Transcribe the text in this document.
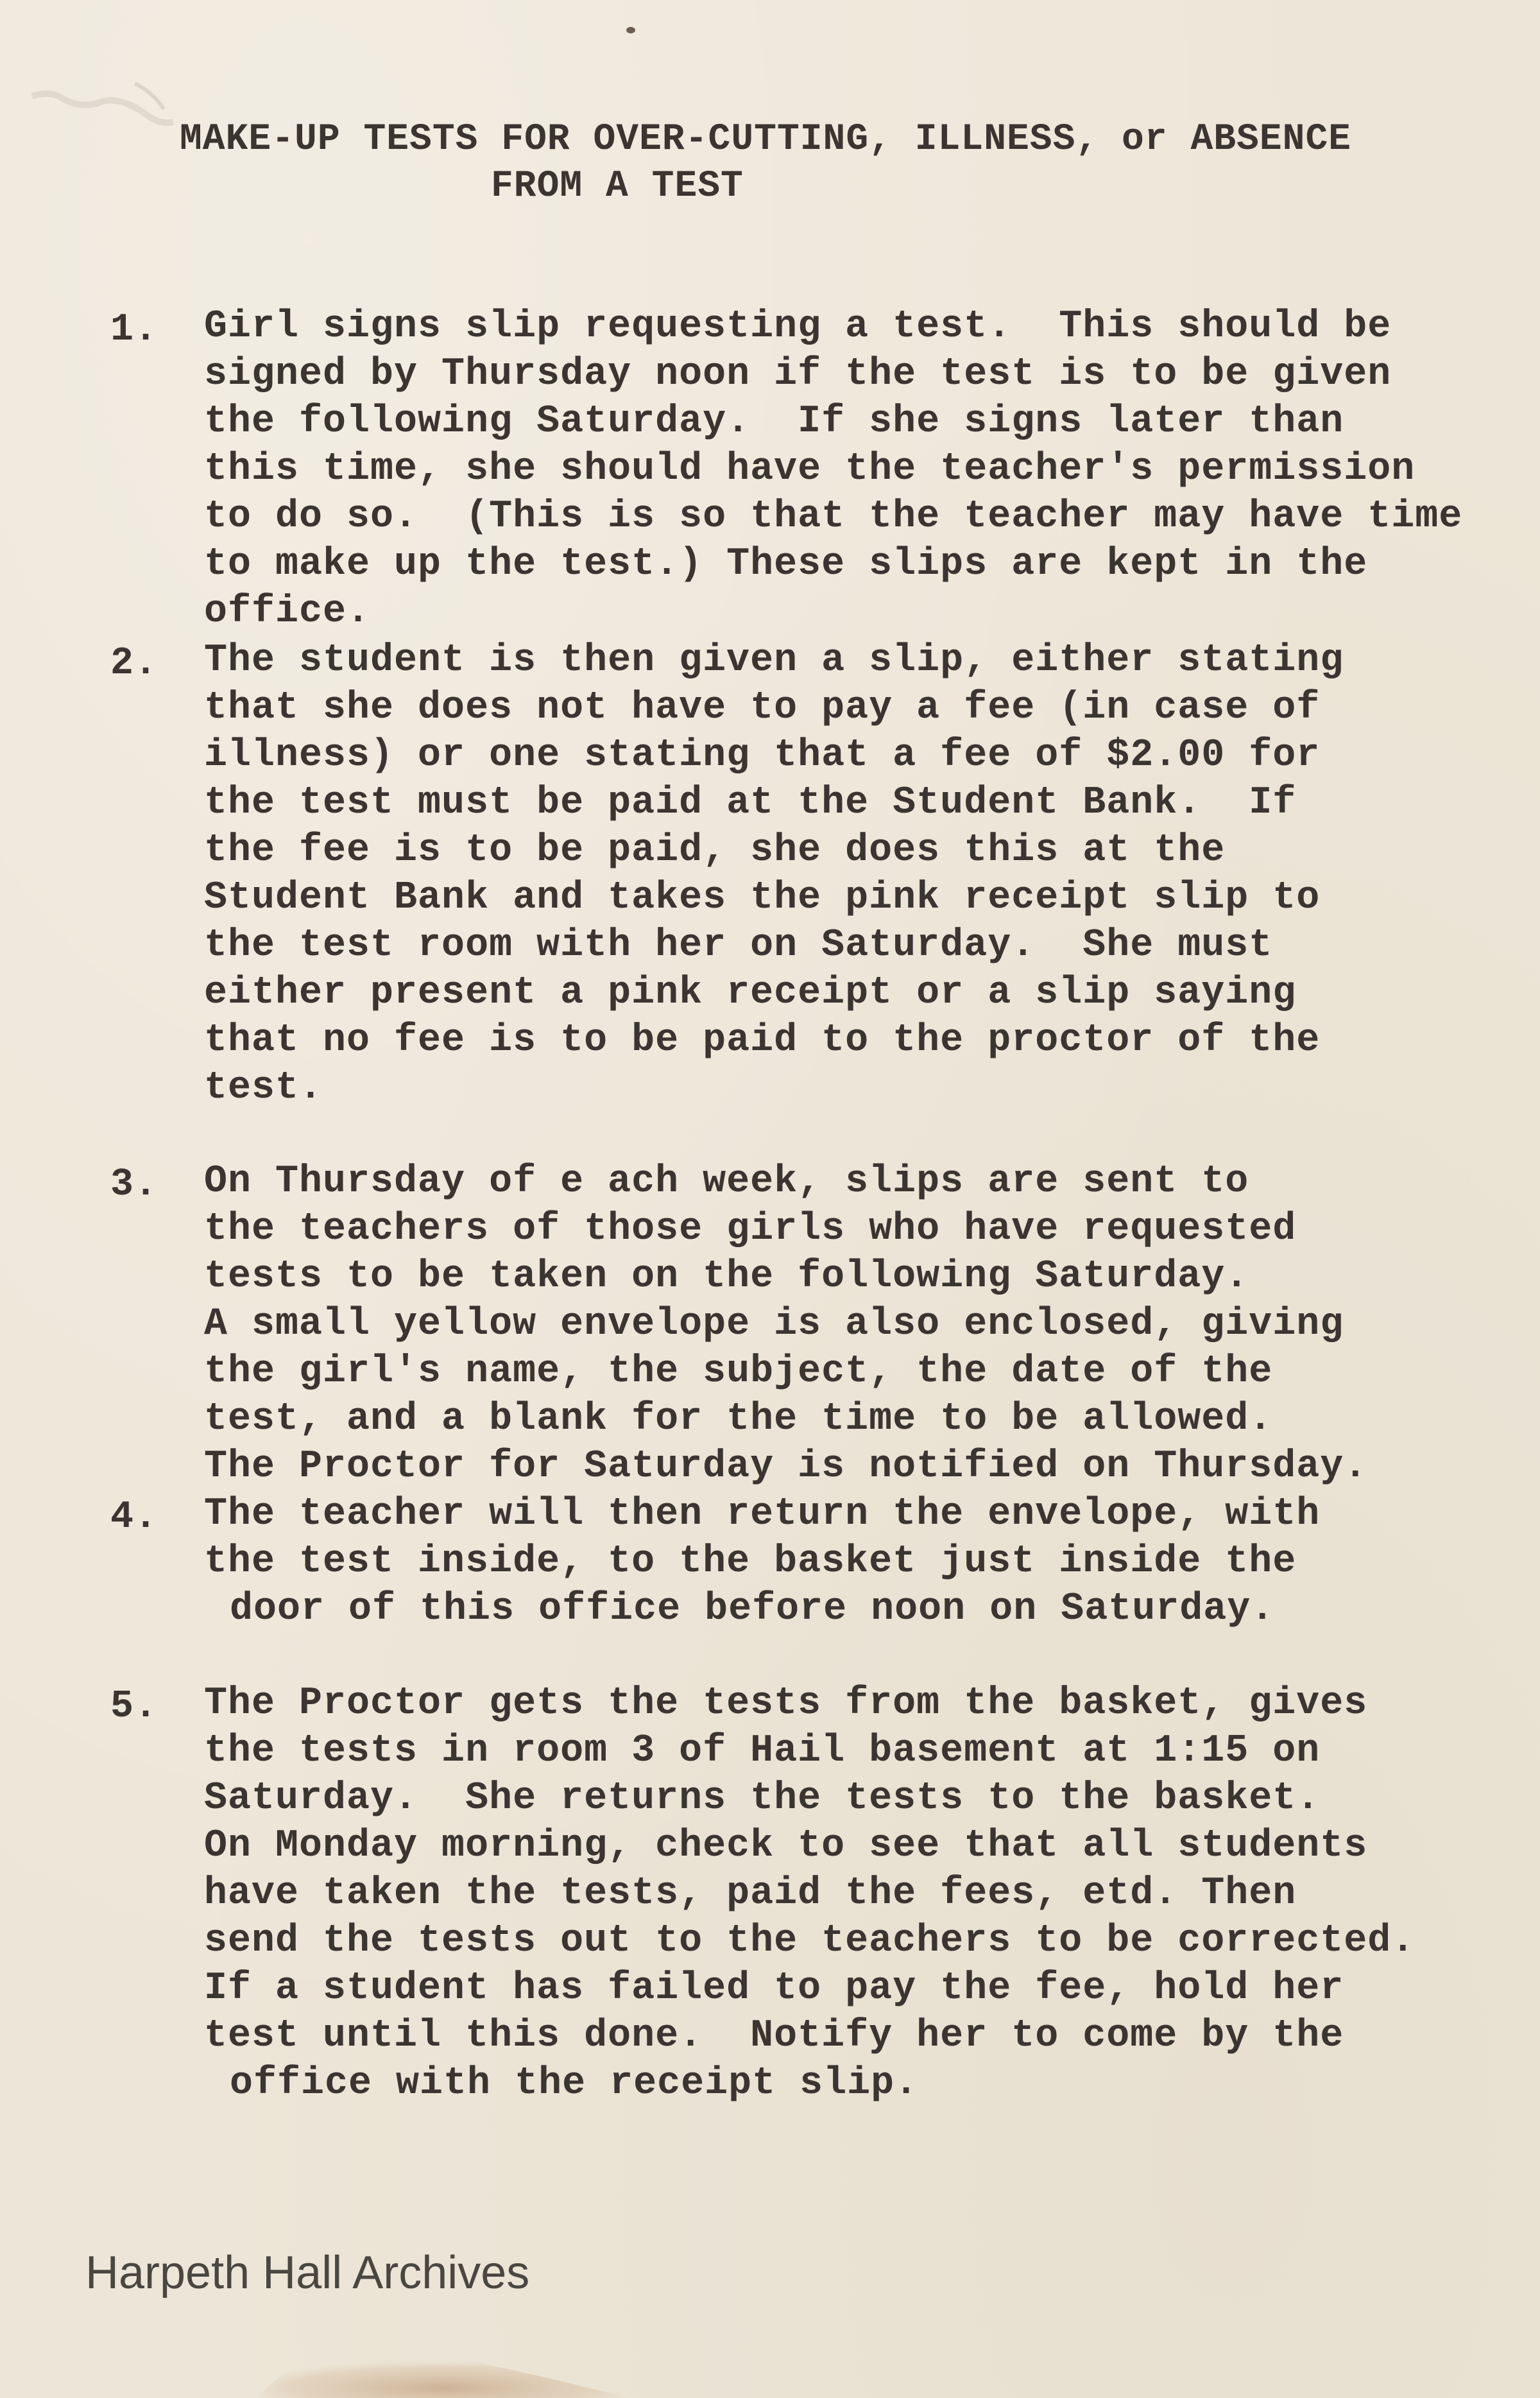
MAKE-UP TESTS FOR OVER-CUTTING, ILLNESS, or ABSENCE
FROM A TEST
1. Girl signs slip requesting a test.  This should be
signed by Thursday noon if the test is to be given
the following Saturday.  If she signs later than
this time, she should have the teacher's permission
to do so.  (This is so that the teacher may have time
to make up the test.) These slips are kept in the
office.
2. The student is then given a slip, either stating
that she does not have to pay a fee (in case of
illness) or one stating that a fee of $2.00 for
the test must be paid at the Student Bank.  If
the fee is to be paid, she does this at the
Student Bank and takes the pink receipt slip to
the test room with her on Saturday.  She must
either present a pink receipt or a slip saying
that no fee is to be paid to the proctor of the
test.
3. On Thursday of e ach week, slips are sent to
the teachers of those girls who have requested
tests to be taken on the following Saturday.
A small yellow envelope is also enclosed, giving
the girl's name, the subject, the date of the
test, and a blank for the time to be allowed.
The Proctor for Saturday is notified on Thursday.
4. The teacher will then return the envelope, with
the test inside, to the basket just inside the
door of this office before noon on Saturday.
5. The Proctor gets the tests from the basket, gives
the tests in room 3 of Hail basement at 1:15 on
Saturday.  She returns the tests to the basket.
On Monday morning, check to see that all students
have taken the tests, paid the fees, etd. Then
send the tests out to the teachers to be corrected.
If a student has failed to pay the fee, hold her
test until this done.  Notify her to come by the
office with the receipt slip.
Harpeth Hall Archives
